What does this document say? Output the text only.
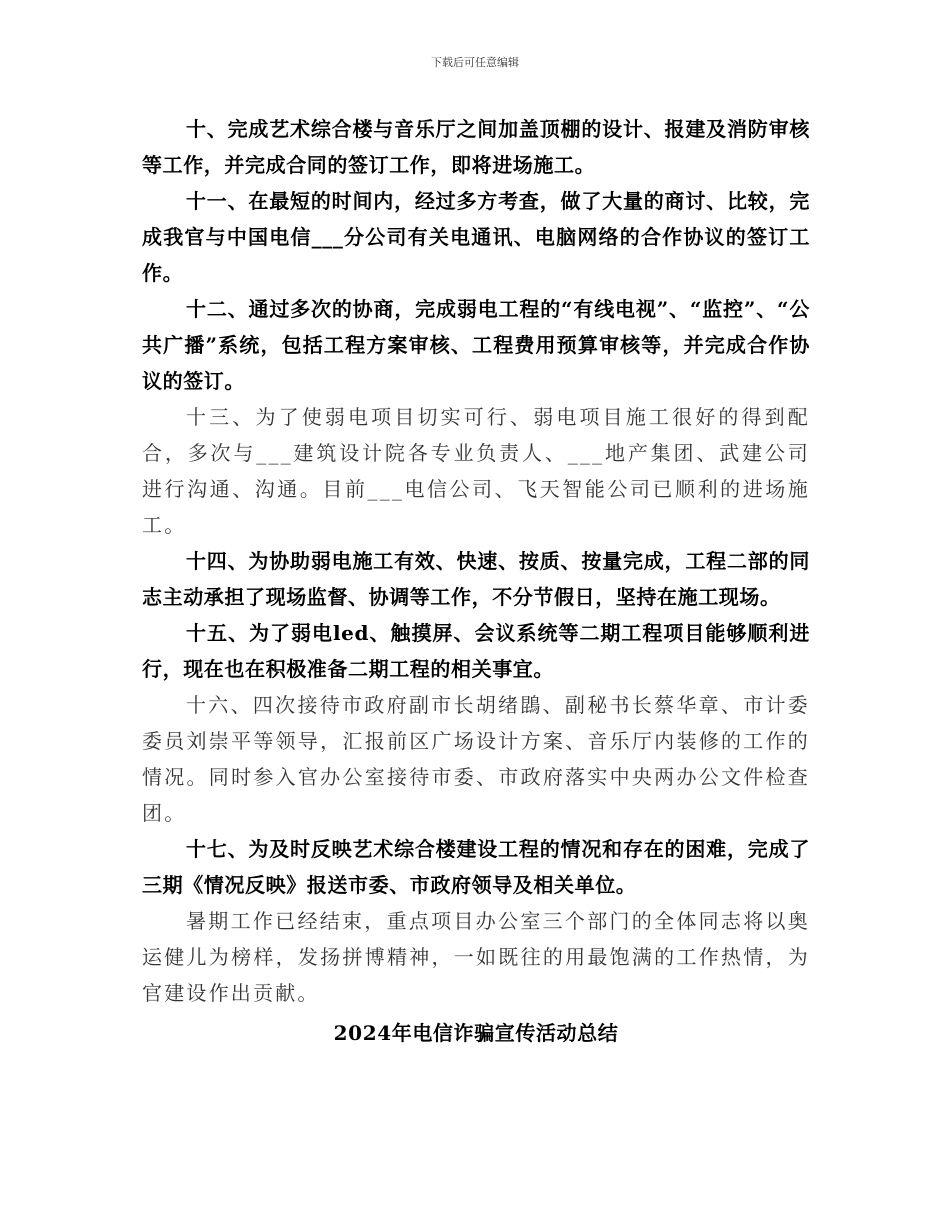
下载后可任意编辑

十、完成艺术综合楼与音乐厅之间加盖顶棚的设计、报建及消防审核等工作，并完成合同的签订工作，即将进场施工。

十一、在最短的时间内，经过多方考查，做了大量的商讨、比较，完成我官与中国电信___分公司有关电通讯、电脑网络的合作协议的签订工作。

十二、通过多次的协商，完成弱电工程的“有线电视”、“监控”、“公共广播”系统，包括工程方案审核、工程费用预算审核等，并完成合作协议的签订。

十三、为了使弱电项目切实可行、弱电项目施工很好的得到配合，多次与___建筑设计院各专业负责人、___地产集团、武建公司进行沟通、沟通。目前___电信公司、飞天智能公司已顺利的进场施工。

十四、为协助弱电施工有效、快速、按质、按量完成，工程二部的同志主动承担了现场监督、协调等工作，不分节假日，坚持在施工现场。

十五、为了弱电led、触摸屏、会议系统等二期工程项目能够顺利进行，现在也在积极准备二期工程的相关事宜。

十六、四次接待市政府副市长胡绪鵾、副秘书长蔡华章、市计委委员刘崇平等领导，汇报前区广场设计方案、音乐厅内装修的工作的情况。同时参入官办公室接待市委、市政府落实中央两办公文件检查团。

十七、为及时反映艺术综合楼建设工程的情况和存在的困难，完成了三期《情况反映》报送市委、市政府领导及相关单位。

暑期工作已经结束，重点项目办公室三个部门的全体同志将以奥运健儿为榜样，发扬拼博精神，一如既往的用最饱满的工作热情，为官建设作出贡献。

2024年电信诈骗宣传活动总结
